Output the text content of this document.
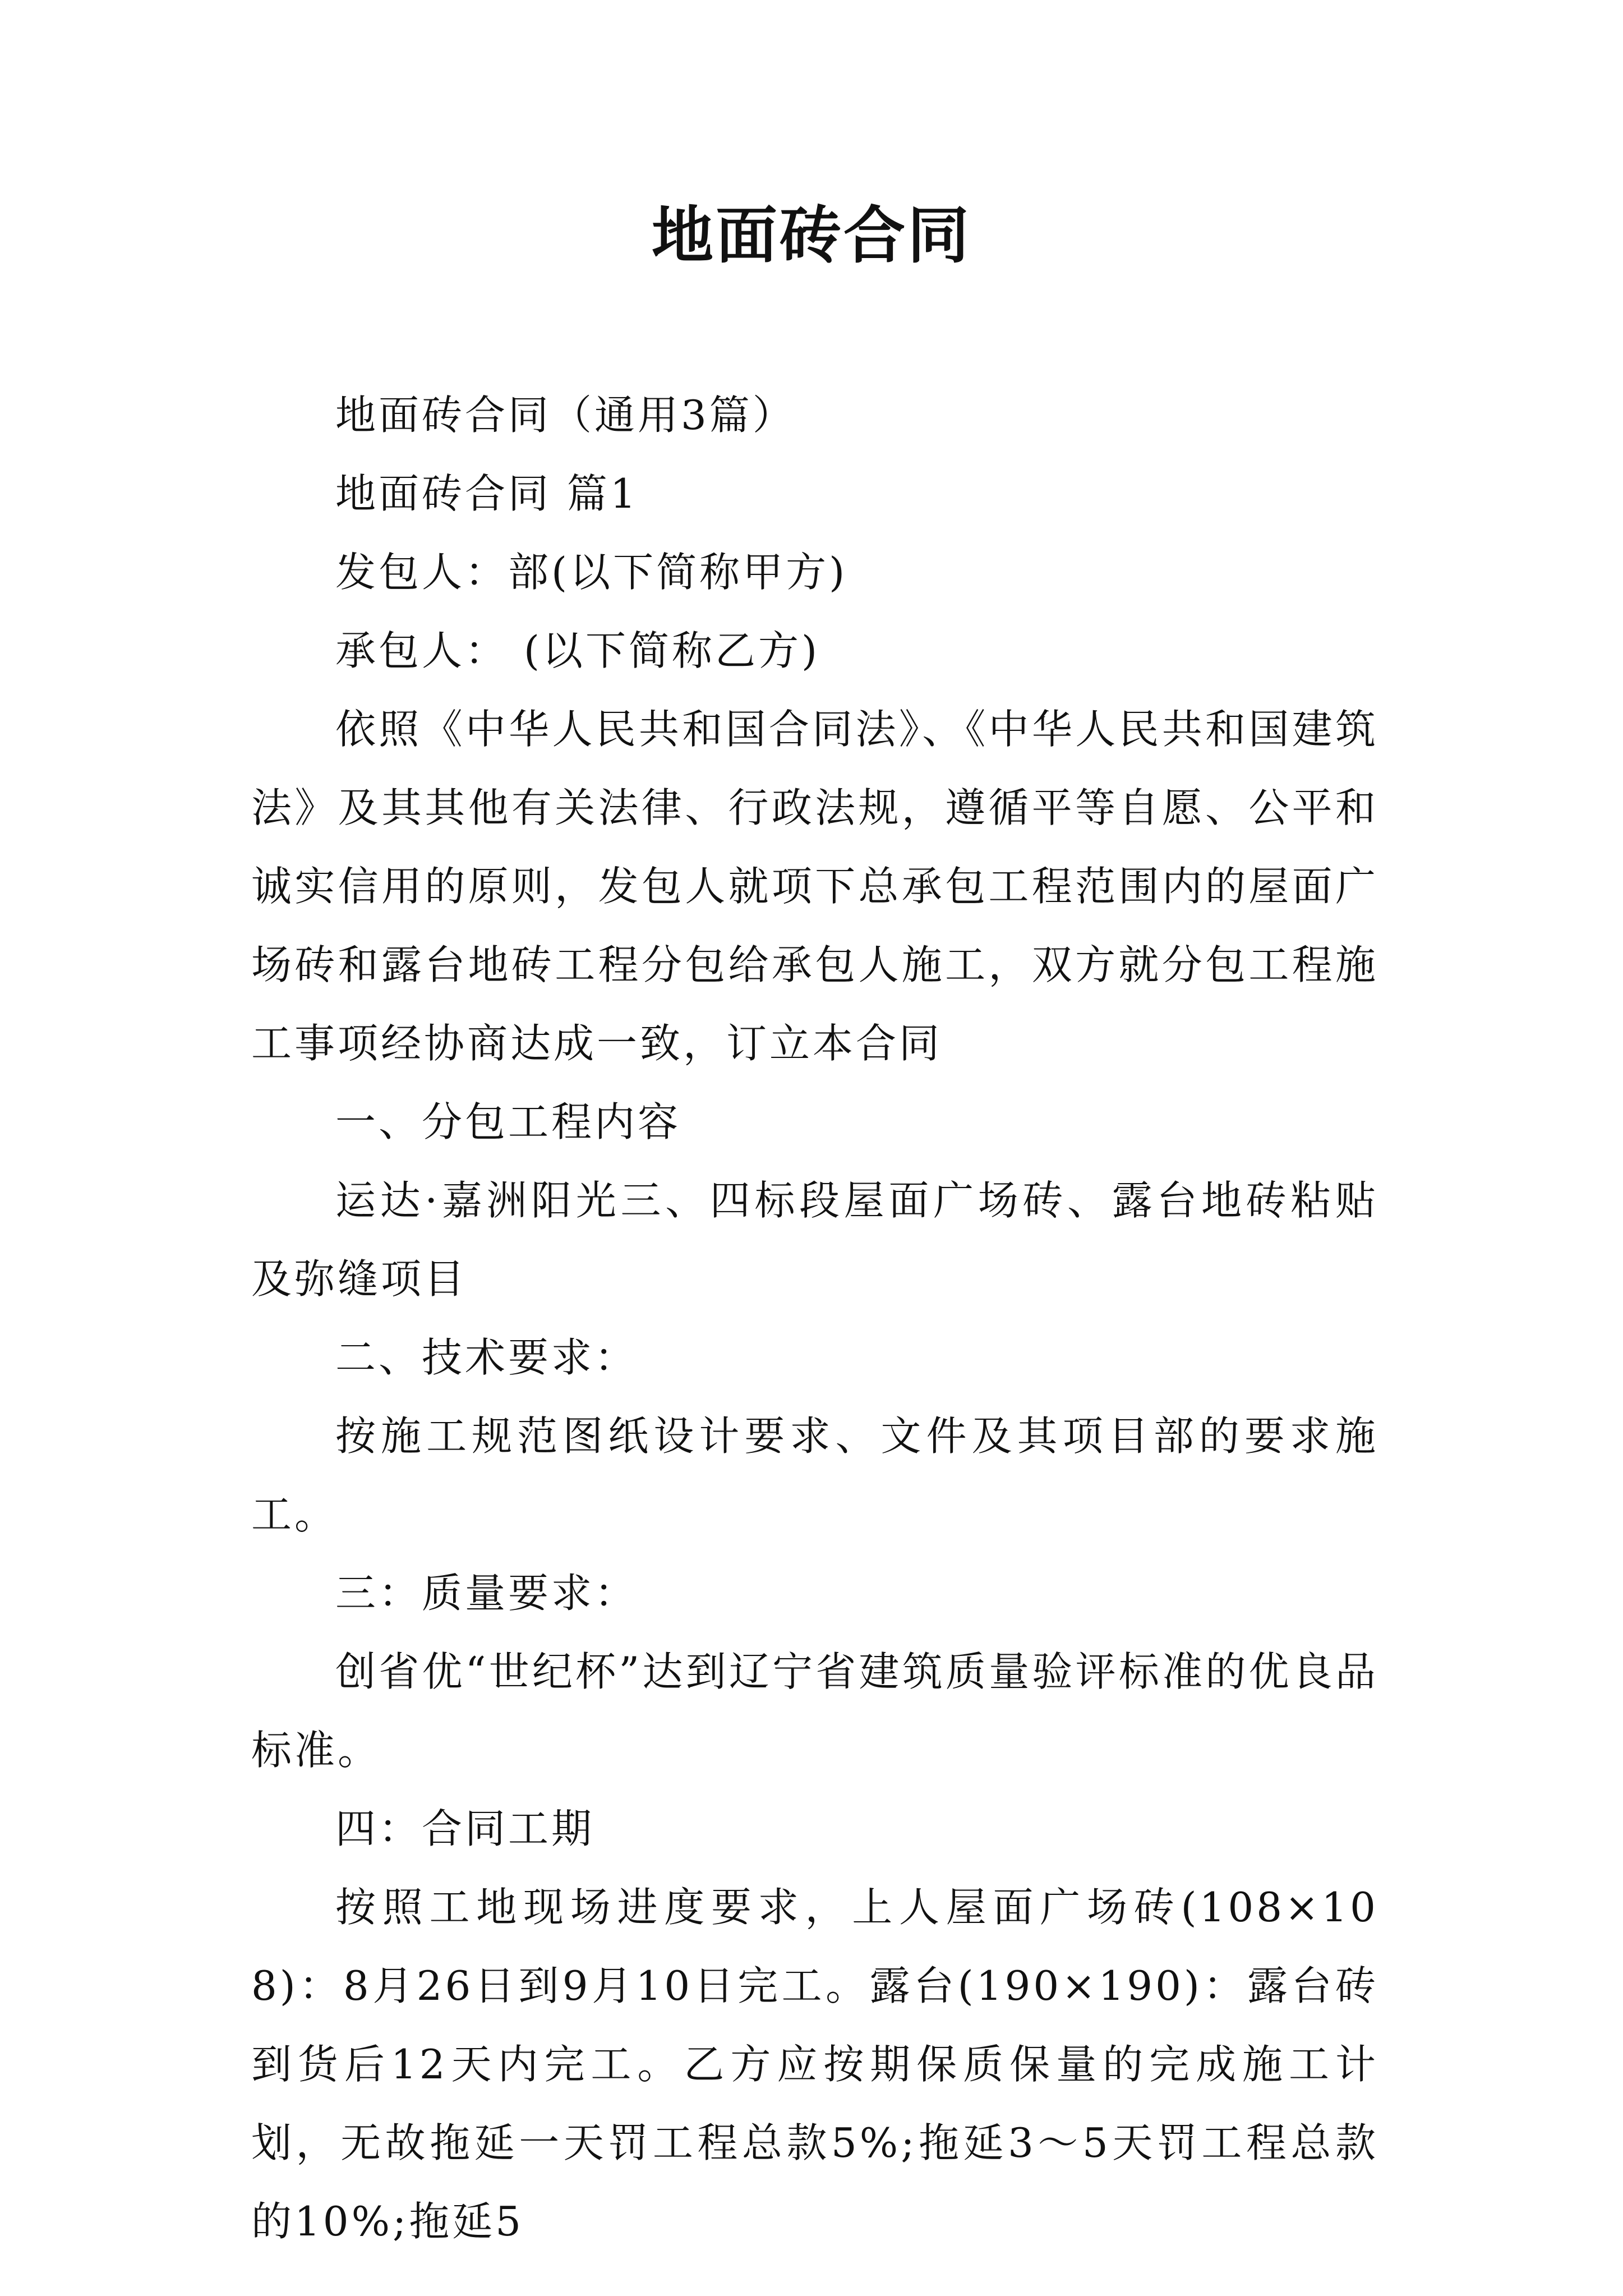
地面砖合同

地面砖合同（通用3篇）

地面砖合同 篇1

发包人：部(以下简称甲方)

承包人： (以下简称乙方)

依照《中华人民共和国合同法》、《中华人民共和国建筑法》及其其他有关法律、行政法规，遵循平等自愿、公平和诚实信用的原则，发包人就项下总承包工程范围内的屋面广场砖和露台地砖工程分包给承包人施工，双方就分包工程施工事项经协商达成一致，订立本合同

一、分包工程内容

运达·嘉洲阳光三、四标段屋面广场砖、露台地砖粘贴及弥缝项目

二、技术要求：

按施工规范图纸设计要求、文件及其项目部的要求施工。

三：质量要求：

创省优“世纪杯”达到辽宁省建筑质量验评标准的优良品标准。

四：合同工期

按照工地现场进度要求，上人屋面广场砖(108×108)：8月26日到9月10日完工。露台(190×190)：露台砖到货后12天内完工。乙方应按期保质保量的完成施工计划，无故拖延一天罚工程总款5%;拖延3～5天罚工程总款的10%;拖延5
